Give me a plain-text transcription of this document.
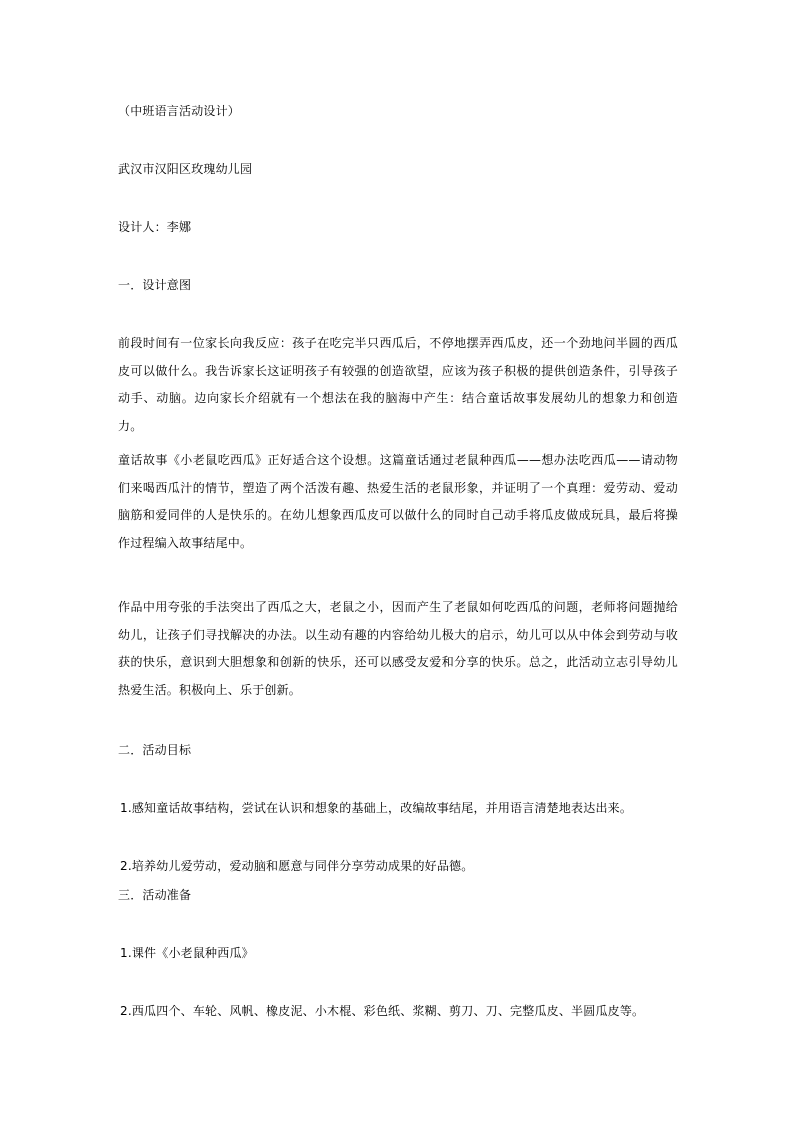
（中班语言活动设计）
武汉市汉阳区玫瑰幼儿园
设计人：李娜
一．设计意图
前段时间有一位家长向我反应：孩子在吃完半只西瓜后，不停地摆弄西瓜皮，还一个劲地问半圆的西瓜皮可以做什么。我告诉家长这证明孩子有较强的创造欲望，应该为孩子积极的提供创造条件，引导孩子动手、动脑。边向家长介绍就有一个想法在我的脑海中产生：结合童话故事发展幼儿的想象力和创造力。
童话故事《小老鼠吃西瓜》正好适合这个设想。这篇童话通过老鼠种西瓜——想办法吃西瓜——请动物们来喝西瓜汁的情节，塑造了两个活泼有趣、热爱生活的老鼠形象，并证明了一个真理：爱劳动、爱动脑筋和爱同伴的人是快乐的。在幼儿想象西瓜皮可以做什么的同时自己动手将瓜皮做成玩具，最后将操作过程编入故事结尾中。
作品中用夸张的手法突出了西瓜之大，老鼠之小，因而产生了老鼠如何吃西瓜的问题，老师将问题抛给幼儿，让孩子们寻找解决的办法。以生动有趣的内容给幼儿极大的启示，幼儿可以从中体会到劳动与收获的快乐，意识到大胆想象和创新的快乐，还可以感受友爱和分享的快乐。总之，此活动立志引导幼儿热爱生活。积极向上、乐于创新。
二．活动目标
1.感知童话故事结构，尝试在认识和想象的基础上，改编故事结尾，并用语言清楚地表达出来。
2.培养幼儿爱劳动，爱动脑和愿意与同伴分享劳动成果的好品德。
三．活动准备
1.课件《小老鼠种西瓜》
2.西瓜四个、车轮、风帆、橡皮泥、小木棍、彩色纸、浆糊、剪刀、刀、完整瓜皮、半圆瓜皮等。
